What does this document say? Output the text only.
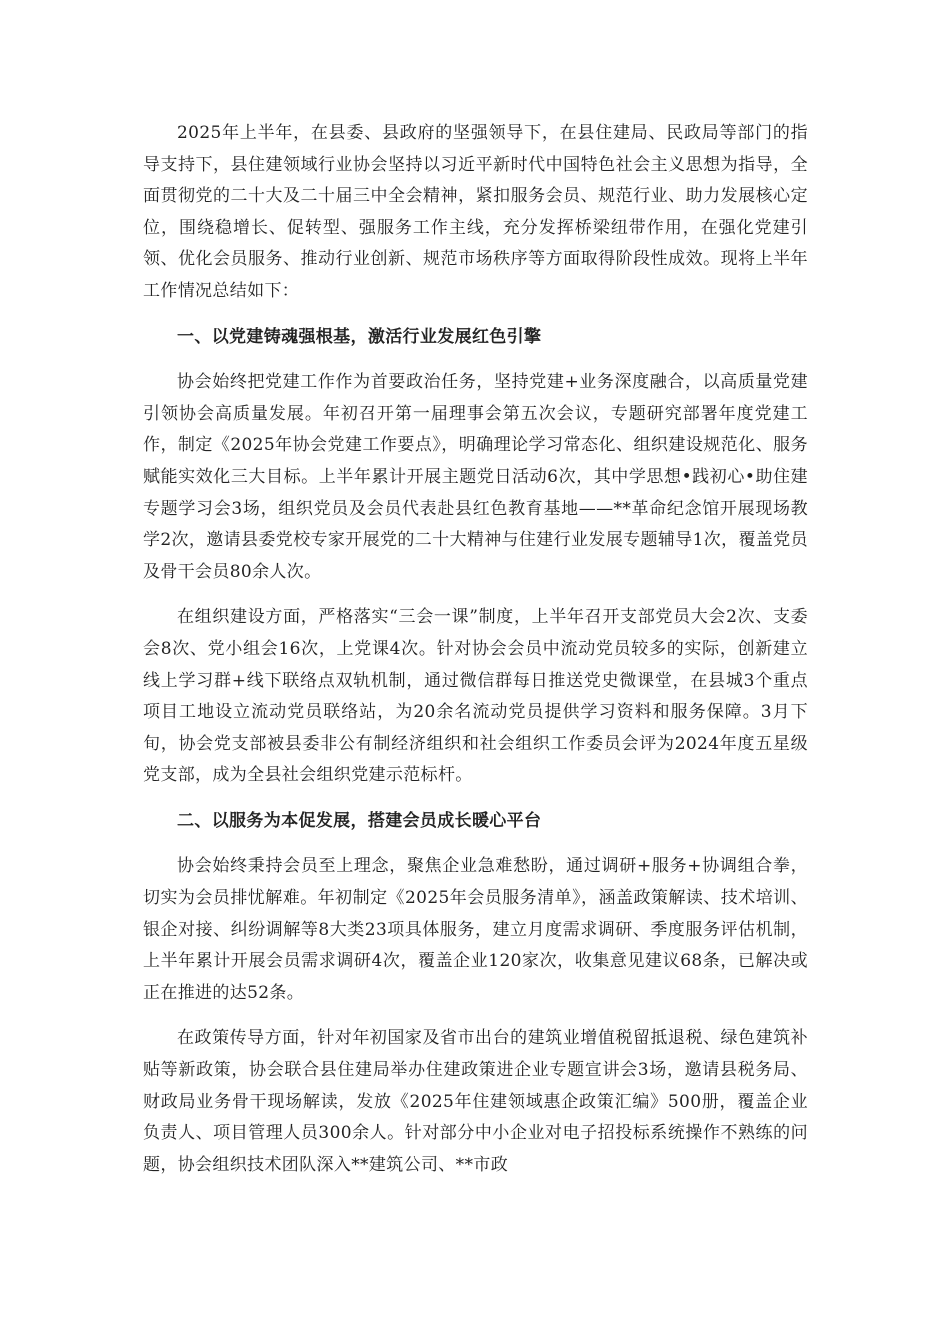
2025年上半年，在县委、县政府的坚强领导下，在县住建局、民政局等部门的指导支持下，县住建领域行业协会坚持以习近平新时代中国特色社会主义思想为指导，全面贯彻党的二十大及二十届三中全会精神，紧扣服务会员、规范行业、助力发展核心定位，围绕稳增长、促转型、强服务工作主线，充分发挥桥梁纽带作用，在强化党建引领、优化会员服务、推动行业创新、规范市场秩序等方面取得阶段性成效。现将上半年工作情况总结如下：

一、以党建铸魂强根基，激活行业发展红色引擎

协会始终把党建工作作为首要政治任务，坚持党建+业务深度融合，以高质量党建引领协会高质量发展。年初召开第一届理事会第五次会议，专题研究部署年度党建工作，制定《2025年协会党建工作要点》，明确理论学习常态化、组织建设规范化、服务赋能实效化三大目标。上半年累计开展主题党日活动6次，其中学思想•践初心•助住建专题学习会3场，组织党员及会员代表赴县红色教育基地——**革命纪念馆开展现场教学2次，邀请县委党校专家开展党的二十大精神与住建行业发展专题辅导1次，覆盖党员及骨干会员80余人次。

在组织建设方面，严格落实“三会一课”制度，上半年召开支部党员大会2次、支委会8次、党小组会16次，上党课4次。针对协会会员中流动党员较多的实际，创新建立线上学习群+线下联络点双轨机制，通过微信群每日推送党史微课堂，在县城3个重点项目工地设立流动党员联络站，为20余名流动党员提供学习资料和服务保障。3月下旬，协会党支部被县委非公有制经济组织和社会组织工作委员会评为2024年度五星级党支部，成为全县社会组织党建示范标杆。

二、以服务为本促发展，搭建会员成长暖心平台

协会始终秉持会员至上理念，聚焦企业急难愁盼，通过调研+服务+协调组合拳，切实为会员排忧解难。年初制定《2025年会员服务清单》，涵盖政策解读、技术培训、银企对接、纠纷调解等8大类23项具体服务，建立月度需求调研、季度服务评估机制，上半年累计开展会员需求调研4次，覆盖企业120家次，收集意见建议68条，已解决或正在推进的达52条。

在政策传导方面，针对年初国家及省市出台的建筑业增值税留抵退税、绿色建筑补贴等新政策，协会联合县住建局举办住建政策进企业专题宣讲会3场，邀请县税务局、财政局业务骨干现场解读，发放《2025年住建领域惠企政策汇编》500册，覆盖企业负责人、项目管理人员300余人。针对部分中小企业对电子招投标系统操作不熟练的问题，协会组织技术团队深入**建筑公司、**市政
